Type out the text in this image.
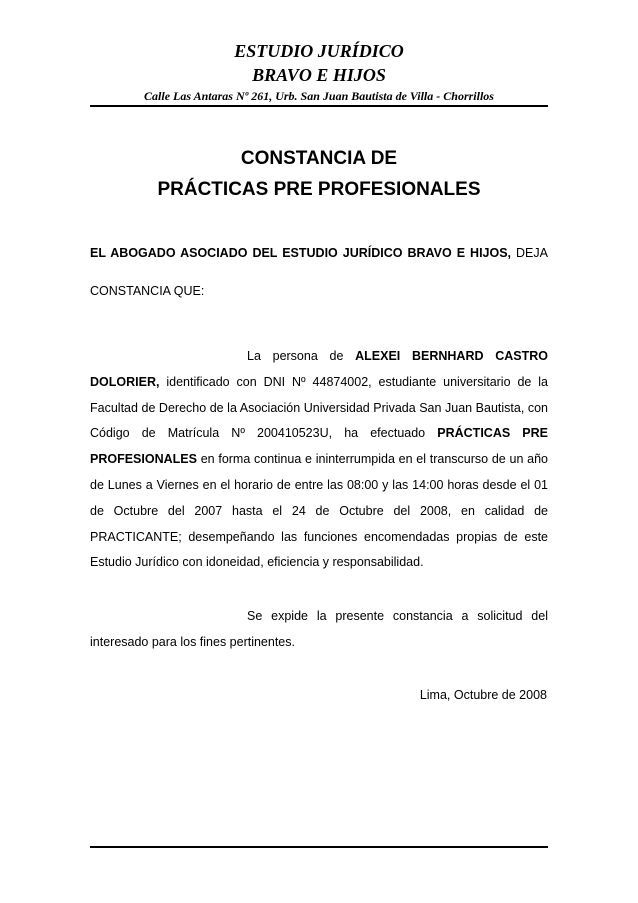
ESTUDIO JURÍDICO
BRAVO E HIJOS
Calle Las Antaras Nº 261, Urb. San Juan Bautista de Villa - Chorrillos
CONSTANCIA DE
PRÁCTICAS PRE PROFESIONALES
EL ABOGADO ASOCIADO DEL ESTUDIO JURÍDICO BRAVO E HIJOS, DEJA CONSTANCIA QUE:
La persona de ALEXEI BERNHARD CASTRO DOLORIER, identificado con DNI Nº 44874002, estudiante universitario de la Facultad de Derecho de la Asociación Universidad Privada San Juan Bautista, con Código de Matrícula Nº 200410523U, ha efectuado PRÁCTICAS PRE PROFESIONALES en forma continua e ininterrumpida en el transcurso de un año de Lunes a Viernes en el horario de entre las 08:00 y las 14:00 horas desde el 01 de Octubre del 2007 hasta el 24 de Octubre del 2008, en calidad de PRACTICANTE; desempeñando las funciones encomendadas propias de este Estudio Jurídico con idoneidad, eficiencia y responsabilidad.
Se expide la presente constancia a solicitud del interesado para los fines pertinentes.
Lima, Octubre de 2008
